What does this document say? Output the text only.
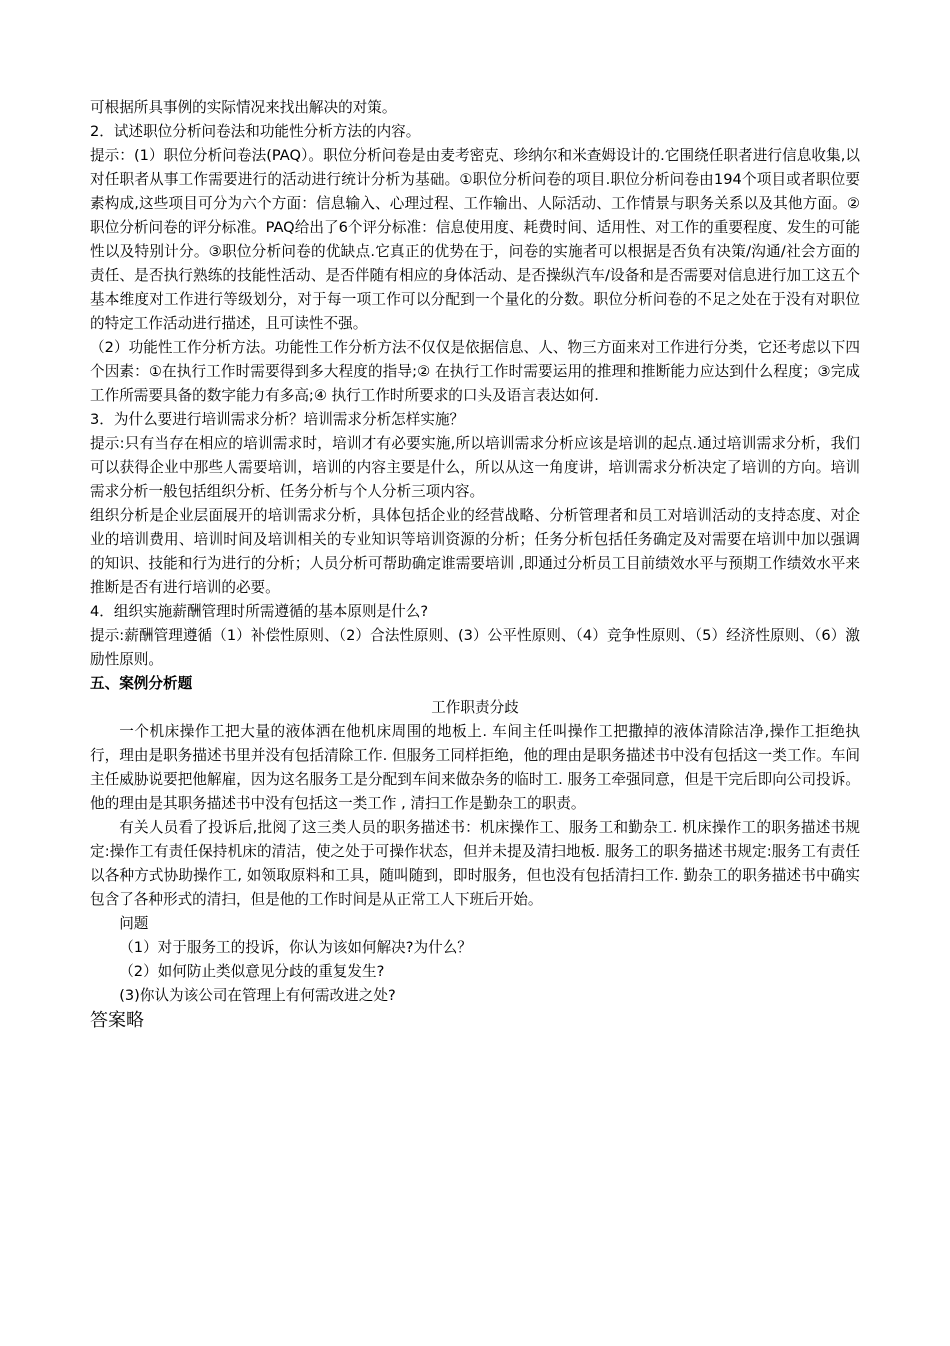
可根据所具事例的实际情况来找出解决的对策。

2．试述职位分析问卷法和功能性分析方法的内容。

提示：(1）职位分析问卷法(PAQ）。职位分析问卷是由麦考密克、珍纳尔和米查姆设计的.它围绕任职者进行信息收集,以对任职者从事工作需要进行的活动进行统计分析为基础。①职位分析问卷的项目.职位分析问卷由194个项目或者职位要素构成,这些项目可分为六个方面：信息输入、心理过程、工作输出、人际活动、工作情景与职务关系以及其他方面。②职位分析问卷的评分标准。PAQ给出了6个评分标准：信息使用度、耗费时间、适用性、对工作的重要程度、发生的可能性以及特别计分。③职位分析问卷的优缺点.它真正的优势在于，问卷的实施者可以根据是否负有决策/沟通/社会方面的责任、是否执行熟练的技能性活动、是否伴随有相应的身体活动、是否操纵汽车/设备和是否需要对信息进行加工这五个基本维度对工作进行等级划分，对于每一项工作可以分配到一个量化的分数。职位分析问卷的不足之处在于没有对职位的特定工作活动进行描述，且可读性不强。

（2）功能性工作分析方法。功能性工作分析方法不仅仅是依据信息、人、物三方面来对工作进行分类，它还考虑以下四个因素：①在执行工作时需要得到多大程度的指导;② 在执行工作时需要运用的推理和推断能力应达到什么程度；③完成工作所需要具备的数字能力有多高;④ 执行工作时所要求的口头及语言表达如何.

3．为什么要进行培训需求分析？培训需求分析怎样实施？

提示:只有当存在相应的培训需求时，培训才有必要实施,所以培训需求分析应该是培训的起点.通过培训需求分析，我们可以获得企业中那些人需要培训，培训的内容主要是什么，所以从这一角度讲，培训需求分析决定了培训的方向。培训需求分析一般包括组织分析、任务分析与个人分析三项内容。

组织分析是企业层面展开的培训需求分析，具体包括企业的经营战略、分析管理者和员工对培训活动的支持态度、对企业的培训费用、培训时间及培训相关的专业知识等培训资源的分析；任务分析包括任务确定及对需要在培训中加以强调的知识、技能和行为进行的分析；人员分析可帮助确定谁需要培训 ,即通过分析员工目前绩效水平与预期工作绩效水平来推断是否有进行培训的必要。

4．组织实施薪酬管理时所需遵循的基本原则是什么?

提示:薪酬管理遵循（1）补偿性原则、（2）合法性原则、(3）公平性原则、（4）竞争性原则、（5）经济性原则、（6）激励性原则。

五、案例分析题

工作职责分歧

一个机床操作工把大量的液体洒在他机床周围的地板上. 车间主任叫操作工把撒掉的液体清除洁净,操作工拒绝执行，理由是职务描述书里并没有包括清除工作. 但服务工同样拒绝，他的理由是职务描述书中没有包括这一类工作。车间主任威胁说要把他解雇，因为这名服务工是分配到车间来做杂务的临时工. 服务工牵强同意，但是干完后即向公司投诉。他的理由是其职务描述书中没有包括这一类工作 , 清扫工作是勤杂工的职责。

有关人员看了投诉后,批阅了这三类人员的职务描述书：机床操作工、服务工和勤杂工. 机床操作工的职务描述书规定:操作工有责任保持机床的清洁，使之处于可操作状态，但并未提及清扫地板. 服务工的职务描述书规定:服务工有责任以各种方式协助操作工, 如领取原料和工具，随叫随到，即时服务，但也没有包括清扫工作. 勤杂工的职务描述书中确实包含了各种形式的清扫，但是他的工作时间是从正常工人下班后开始。

问题

（1）对于服务工的投诉，你认为该如何解决?为什么？

（2）如何防止类似意见分歧的重复发生?

(3)你认为该公司在管理上有何需改进之处?

答案略
